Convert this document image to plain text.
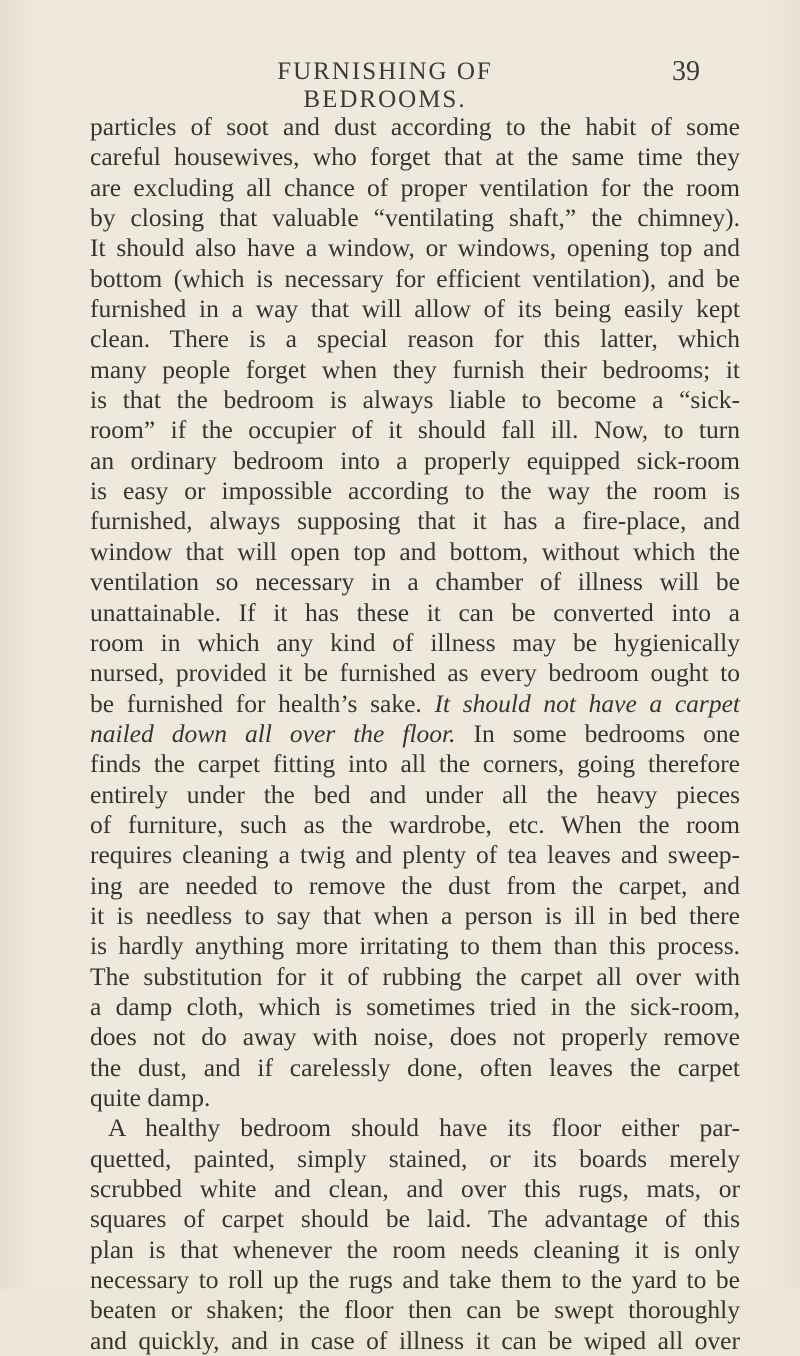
FURNISHING OF BEDROOMS.
39
particles of soot and dust according to the habit of some
careful housewives, who forget that at the same time they
are excluding all chance of proper ventilation for the room
by closing that valuable “ventilating shaft,” the chimney).
It should also have a window, or windows, opening top and
bottom (which is necessary for efficient ventilation), and be
furnished in a way that will allow of its being easily kept
clean. There is a special reason for this latter, which
many people forget when they furnish their bedrooms; it
is that the bedroom is always liable to become a “sick-
room” if the occupier of it should fall ill. Now, to turn
an ordinary bedroom into a properly equipped sick-room
is easy or impossible according to the way the room is
furnished, always supposing that it has a fire-place, and
window that will open top and bottom, without which the
ventilation so necessary in a chamber of illness will be
unattainable. If it has these it can be converted into a
room in which any kind of illness may be hygienically
nursed, provided it be furnished as every bedroom ought to
be furnished for health’s sake. It should not have a carpet
nailed down all over the floor. In some bedrooms one
finds the carpet fitting into all the corners, going therefore
entirely under the bed and under all the heavy pieces
of furniture, such as the wardrobe, etc. When the room
requires cleaning a twig and plenty of tea leaves and sweep-
ing are needed to remove the dust from the carpet, and
it is needless to say that when a person is ill in bed there
is hardly anything more irritating to them than this process.
The substitution for it of rubbing the carpet all over with
a damp cloth, which is sometimes tried in the sick-room,
does not do away with noise, does not properly remove
the dust, and if carelessly done, often leaves the carpet
quite damp.
A healthy bedroom should have its floor either par-
quetted, painted, simply stained, or its boards merely
scrubbed white and clean, and over this rugs, mats, or
squares of carpet should be laid. The advantage of this
plan is that whenever the room needs cleaning it is only
necessary to roll up the rugs and take them to the yard to be
beaten or shaken; the floor then can be swept thoroughly
and quickly, and in case of illness it can be wiped all over
